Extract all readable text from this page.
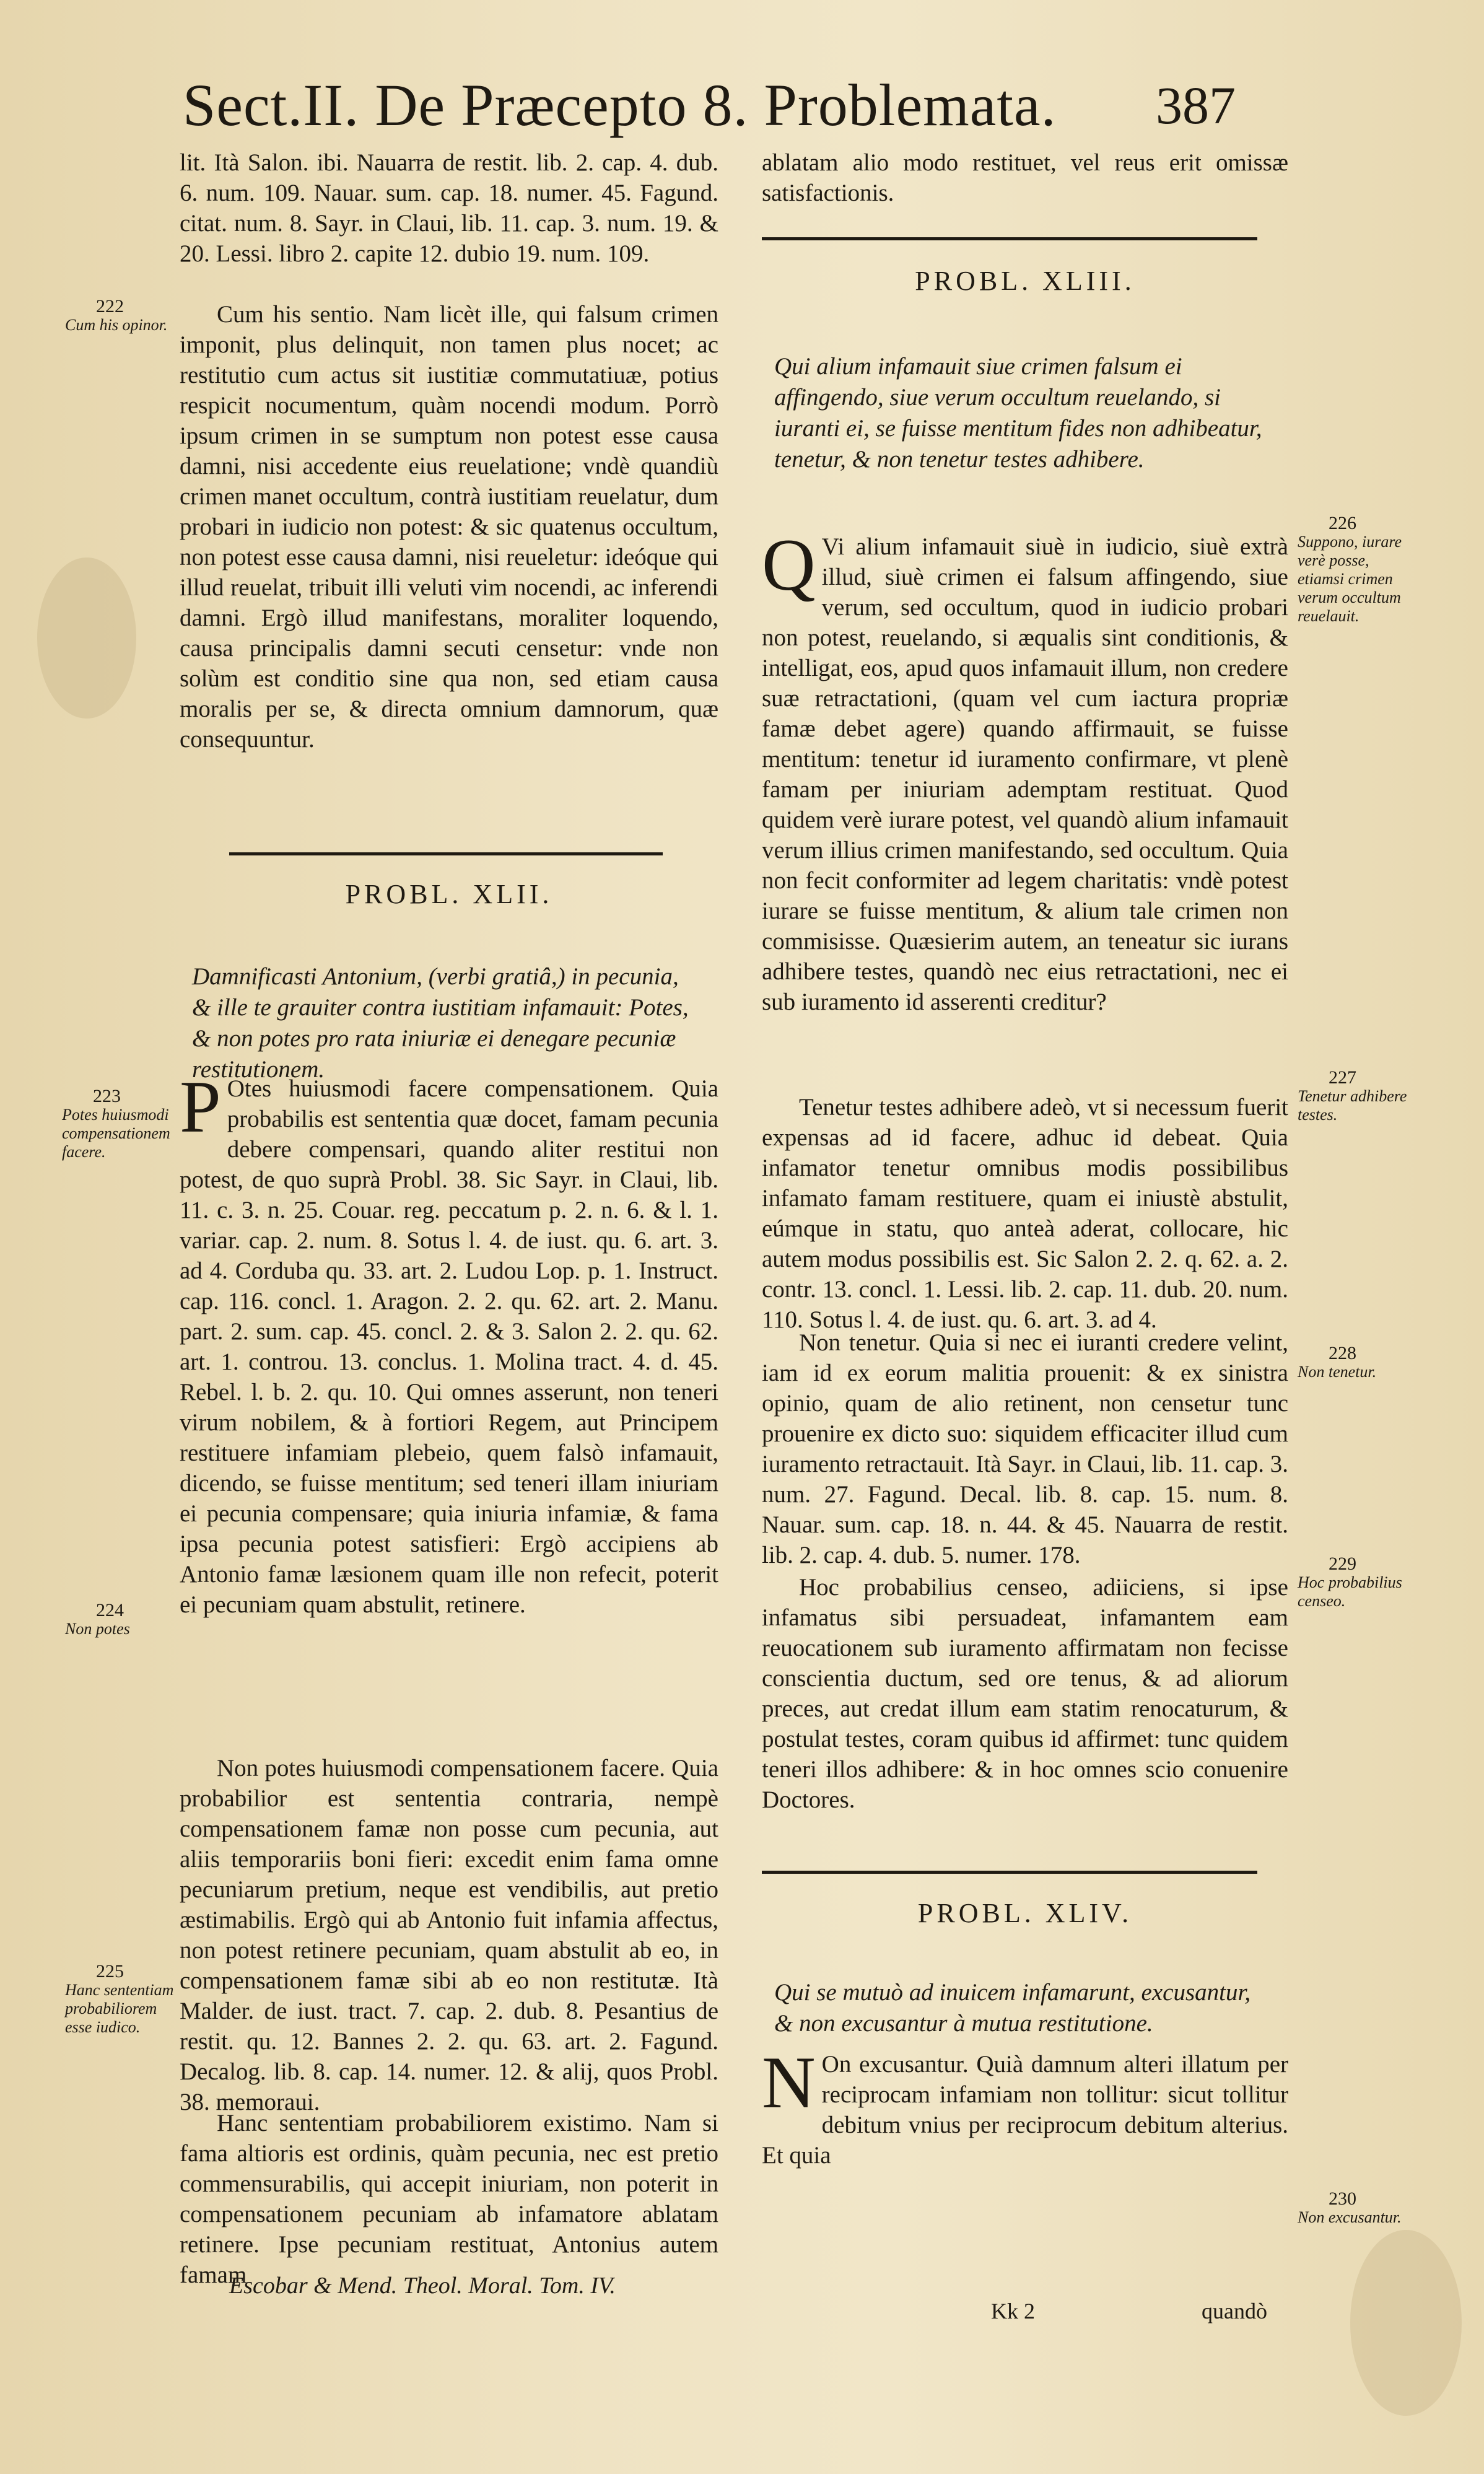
Sect.II. De Præcepto 8. Problemata. 387

lit. Ità Salon. ibi. Nauarra de restit. lib. 2. cap. 4. dub. 6. num. 109. Nauar. sum. cap. 18. numer. 45. Fagund. citat. num. 8. Sayr. in Claui, lib. 11. cap. 3. num. 19. & 20. Lessi. libro 2. capite 12. dubio 19. num. 109.

Cum his sentio. Nam licèt ille, qui falsum crimen imponit, plus delinquit, non tamen plus nocet; ac restitutio cum actus sit iustitiæ commutatiuæ, potius respicit nocumentum, quàm nocendi modum. Porrò ipsum crimen in se sumptum non potest esse causa damni, nisi accedente eius reuelatione; vndè quandiù crimen manet occultum, contrà iustitiam reuelatur, dum probari in iudicio non potest: & sic quatenus occultum, non potest esse causa damni, nisi reueletur: ideóque qui illud reuelat, tribuit illi veluti vim nocendi, ac inferendi damni. Ergò illud manifestans, moraliter loquendo, causa principalis damni secuti censetur: vnde non solùm est conditio sine qua non, sed etiam causa moralis per se, & directa omnium damnorum, quæ consequuntur.

PROBL. XLII.

Damnificasti Antonium, (verbi gratiâ,) in pecunia, & ille te grauiter contra iustitiam infamauit: Potes, & non potes pro rata iniuriæ ei denegare pecuniæ restitutionem.

P Otes huiusmodi facere compensationem. Quia probabilis est sententia quæ docet, famam pecunia debere compensari, quando aliter restitui non potest, de quo suprà Probl. 38. Sic Sayr. in Claui, lib. 11. c. 3. n. 25. Couar. reg. peccatum p. 2. n. 6. & l. 1. variar. cap. 2. num. 8. Sotus l. 4. de iust. qu. 6. art. 3. ad 4. Corduba qu. 33. art. 2. Ludou Lop. p. 1. Instruct. cap. 116. concl. 1. Aragon. 2. 2. qu. 62. art. 2. Manu. part. 2. sum. cap. 45. concl. 2. & 3. Salon 2. 2. qu. 62. art. 1. controu. 13. conclus. 1. Molina tract. 4. d. 45. Rebel. l. b. 2. qu. 10. Qui omnes asserunt, non teneri virum nobilem, & à fortiori Regem, aut Principem restituere infamiam plebeio, quem falsò infamauit, dicendo, se fuisse mentitum; sed teneri illam iniuriam ei pecunia compensare; quia iniuria infamiæ, & fama ipsa pecunia potest satisfieri: Ergò accipiens ab Antonio famæ læsionem quam ille non refecit, poterit ei pecuniam quam abstulit, retinere.

Non potes huiusmodi compensationem facere. Quia probabilior est sententia contraria, nempè compensationem famæ non posse cum pecunia, aut aliis temporariis boni fieri: excedit enim fama omne pecuniarum pretium, neque est vendibilis, aut pretio æstimabilis. Ergò qui ab Antonio fuit infamia affectus, non potest retinere pecuniam, quam abstulit ab eo, in compensationem famæ sibi ab eo non restitutæ. Ità Malder. de iust. tract. 7. cap. 2. dub. 8. Pesantius de restit. qu. 12. Bannes 2. 2. qu. 63. art. 2. Fagund. Decalog. lib. 8. cap. 14. numer. 12. & alij, quos Probl. 38. memoraui.

Hanc sententiam probabiliorem existimo. Nam si fama altioris est ordinis, quàm pecunia, nec est pretio commensurabilis, qui accepit iniuriam, non poterit in compensationem pecuniam ab infamatore ablatam retinere. Ipse pecuniam restituat, Antonius autem famam

ablatam alio modo restituet, vel reus erit omissæ satisfactionis.

PROBL. XLIII.

Qui alium infamauit siue crimen falsum ei affingendo, siue verum occultum reuelando, si iuranti ei, se fuisse mentitum fides non adhibeatur, tenetur, & non tenetur testes adhibere.

Q Vi alium infamauit siuè in iudicio, siuè extrà illud, siuè crimen ei falsum affingendo, siue verum, sed occultum, quod in iudicio probari non potest, reuelando, si æqualis sint conditionis, & intelligat, eos, apud quos infamauit illum, non credere suæ retractationi, (quam vel cum iactura propriæ famæ debet agere) quando affirmauit, se fuisse mentitum: tenetur id iuramento confirmare, vt plenè famam per iniuriam ademptam restituat. Quod quidem verè iurare potest, vel quandò alium infamauit verum illius crimen manifestando, sed occultum. Quia non fecit conformiter ad legem charitatis: vndè potest iurare se fuisse mentitum, & alium tale crimen non commisisse. Quæsierim autem, an teneatur sic iurans adhibere testes, quandò nec eius retractationi, nec ei sub iuramento id asserenti creditur?

Tenetur testes adhibere adeò, vt si necessum fuerit expensas ad id facere, adhuc id debeat. Quia infamator tenetur omnibus modis possibilibus infamato famam restituere, quam ei iniustè abstulit, eúmque in statu, quo anteà aderat, collocare, hic autem modus possibilis est. Sic Salon 2. 2. q. 62. a. 2. contr. 13. concl. 1. Lessi. lib. 2. cap. 11. dub. 20. num. 110. Sotus l. 4. de iust. qu. 6. art. 3. ad 4.

Non tenetur. Quia si nec ei iuranti credere velint, iam id ex eorum malitia prouenit: & ex sinistra opinio, quam de alio retinent, non censetur tunc prouenire ex dicto suo: siquidem efficaciter illud cum iuramento retractauit. Ità Sayr. in Claui, lib. 11. cap. 3. num. 27. Fagund. Decal. lib. 8. cap. 15. num. 8. Nauar. sum. cap. 18. n. 44. & 45. Nauarra de restit. lib. 2. cap. 4. dub. 5. numer. 178.

Hoc probabilius censeo, adiiciens, si ipse infamatus sibi persuadeat, infamantem eam reuocationem sub iuramento affirmatam non fecisse conscientia ductum, sed ore tenus, & ad aliorum preces, aut credat illum eam statim renocaturum, & postulat testes, coram quibus id affirmet: tunc quidem teneri illos adhibere: & in hoc omnes scio conuenire Doctores.

PROBL. XLIV.

Qui se mutuò ad inuicem infamarunt, excusantur, & non excusantur à mutua restitutione.

N On excusantur. Quià damnum alteri illatum per reciprocam infamiam non tollitur: sicut tollitur debitum vnius per reciprocum debitum alterius. Et quia
222
Cum his opinor.
223
Potes huiusmodi compensationem facere.
224
Non potes
225
Hanc sententiam probabiliorem esse iudico.
226
Suppono, iurare verè posse, etiamsi crimen verum occultum reuelauit.
227
Tenetur adhibere testes.
228
Non tenetur.
229
Hoc probabilius censeo.
230
Non excusantur.
Escobar & Mend. Theol. Moral. Tom. IV.
Kk 2	quandò
